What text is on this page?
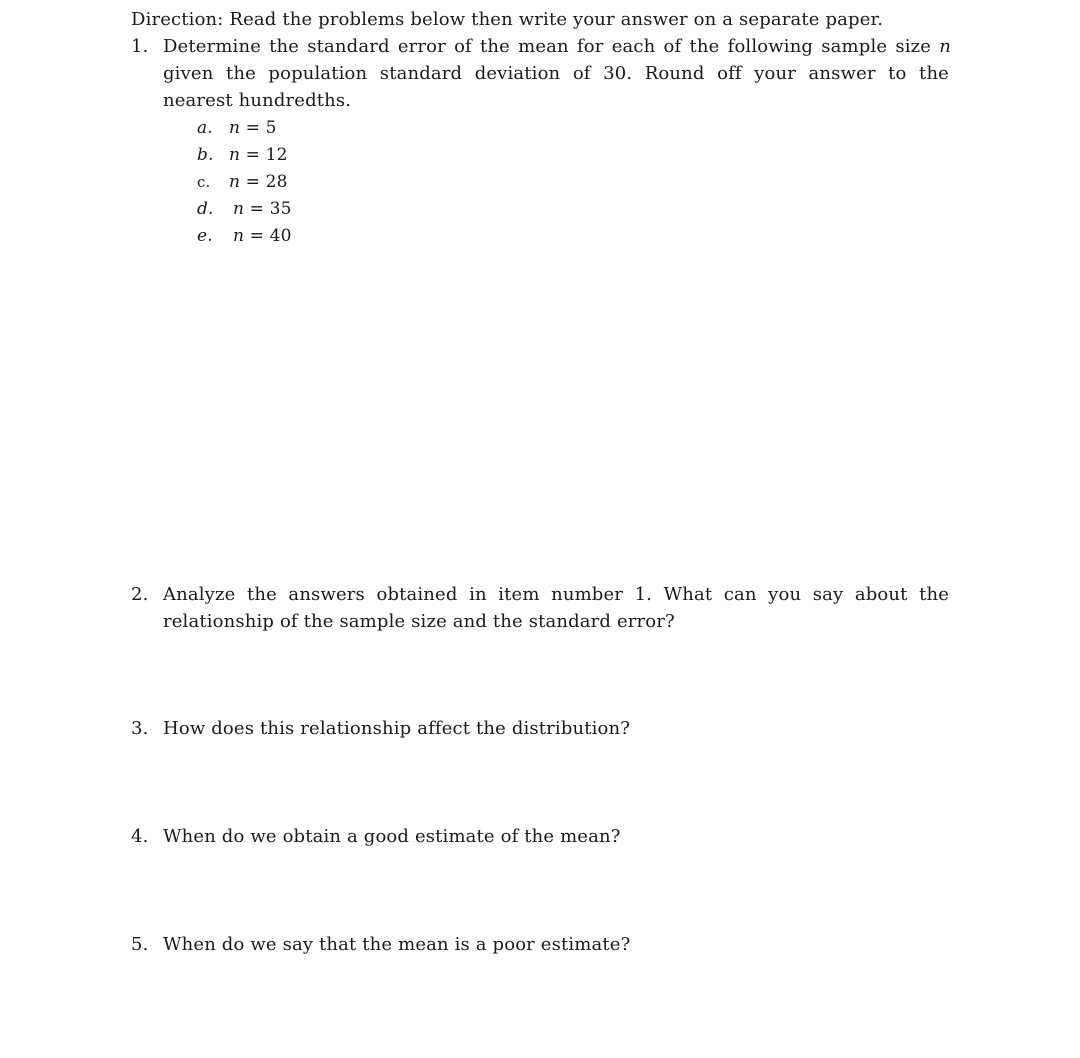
Direction: Read the problems below then write your answer on a separate paper.
1. Determine the standard error of the mean for each of the following sample size n
given the population standard deviation of 30. Round off your answer to the
nearest hundredths.
a. n = 5
b. n = 12
c. n = 28
d. n = 35
e. n = 40
2. Analyze the answers obtained in item number 1. What can you say about the
relationship of the sample size and the standard error?
3. How does this relationship affect the distribution?
4. When do we obtain a good estimate of the mean?
5. When do we say that the mean is a poor estimate?
